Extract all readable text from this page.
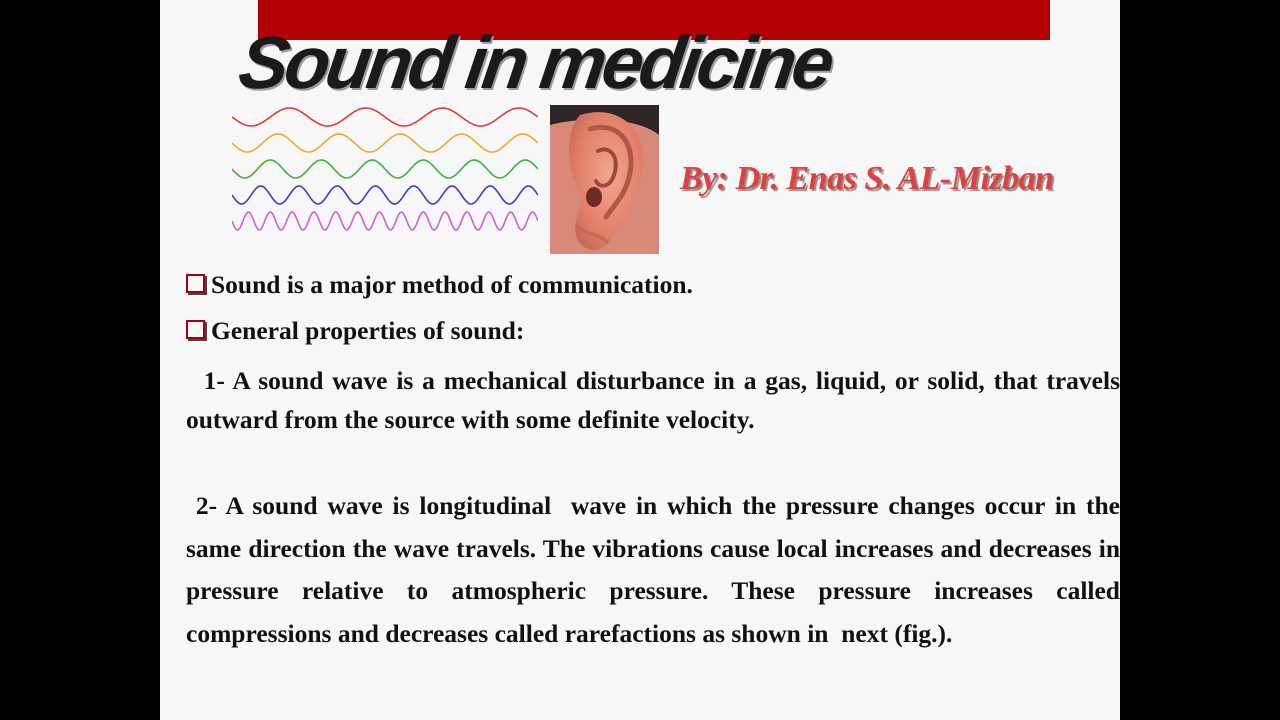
Sound in medicine
By: Dr. Enas S. AL-Mizban
Sound is a major method of communication.
General properties of sound:

1- A sound wave is a mechanical disturbance in a gas, liquid, or solid, that travels outward from the source with some definite velocity.

2- A sound wave is longitudinal  wave in which the pressure changes occur in the same direction the wave travels. The vibrations cause local increases and decreases in pressure relative to atmospheric pressure. These pressure increases called compressions and decreases called rarefactions as shown in  next (fig.).
